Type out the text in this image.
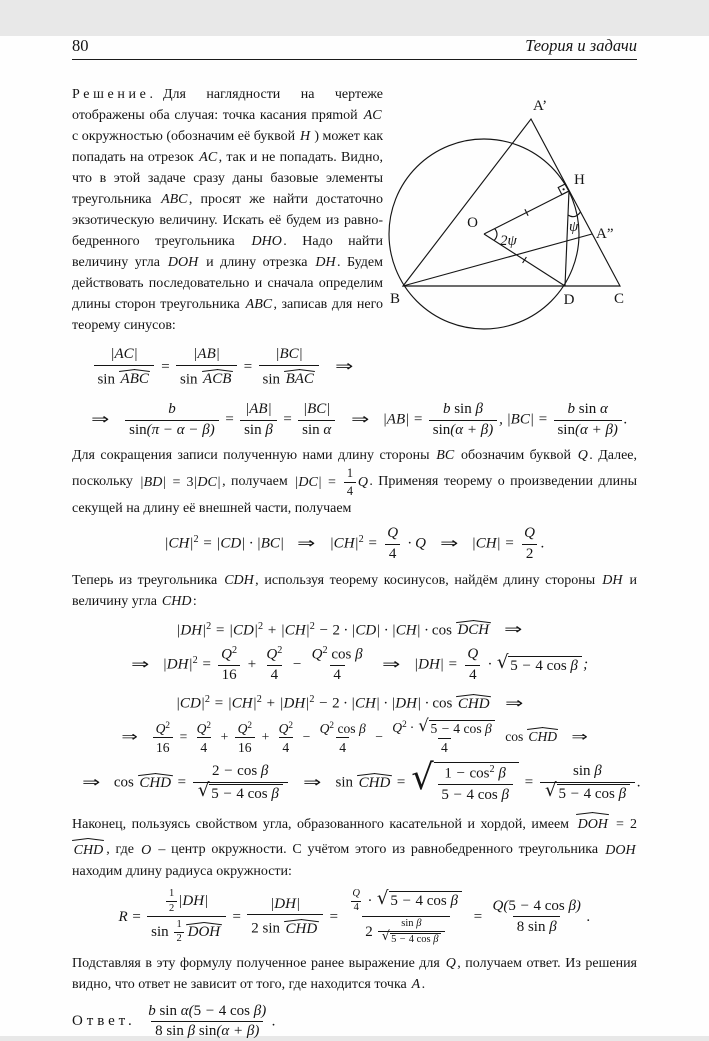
80	Теория и задачи
Решение. Для наглядности на чертеже отображены оба случая: точка касания пряmoй AC с окружностью (обозначим её буквой H ) может как попадать на отрезок AC, так и не попадать. Видно, что в этой задаче сразу даны базовые элементы треугольника ABC, просят же найти достаточно экзотическую величину. Искать её будем из равнобедренного треугольника DHO. Надо найти величину угла DOH и длину отрезка DH. Будем действовать последовательно и сначала определим длины сторон треугольника ABC, записав для него теорему синусов:
$\frac{|AC|}{\text{sin ABC}} = \frac{|AB|}{\text{sin ACB}} = \frac{|BC|}{\text{sin BAC}}$ ⇒
A’
H
O	ψ
2ψ	A”
B	D	C
⇒ $\frac{b}{\sin(\pi - \alpha - \beta)} = \frac{|AB|}{\text{sin β}} = \frac{|BC|}{\text{sin α}}$ ⇒ $|AB| = \frac{\text{b sin β}}{\sin(\alpha + \beta)}$ , $|BC| = \frac{\text{b sin α}}{\sin(\alpha + \beta)}$ .

Для сокращения записи полученную нами длину стороны BC обозначим буквой Q. Далее, поскольку |BD| = 3|DC|, получаем $|DC| = \frac{1}{4} Q$. Применяя теорему о произведении длины секущей на длину её внешней части, получаем

$|CH|^2 = |CD| \cdot |BC|$ ⇒ $|CH|^2 = \frac{Q}{4} \cdot Q$ ⇒ $|CH| = \frac{Q}{2}$ .

Теперь из треугольника CDH, используя теорему косинусов, найдём длину стороны DH и величину угла CHD:

$|DH|^2 = |CD|^2 + |CH|^2 - 2 \cdot |CD| \cdot |CH| \cdot \cos$ DCH ⇒
⇒ $|DH|^2 = \frac{Q^2}{16} + \frac{Q^2}{4} - \frac{Q^2 \cos \beta}{4}$ ⇒ $|DH| = \frac{Q}{4}$ · √ 5 − 4 cos β ;
$|CD|^2 = |CH|^2 + |DH|^2 - 2 \cdot |CH| \cdot |DH| \cdot \cos$ CHD ⇒
⇒ $\frac{Q^2}{16} = \frac{Q^2}{4} + \frac{Q^2}{16} + \frac{Q^2}{4} - \frac{Q^2 \cos \beta}{4} - \frac{Q^2 \cdot √ 5 - 4 \cos \beta}{4}$ cos CHD ⇒
⇒ cos CHD = $\frac{\text{2 − cos β}}{\text{√ 5 − 4 cos β}}$ ⇒ sin CHD = √ $\frac{1 - \cos^2 \beta}{\text{5 − 4 cos β}} = \frac{\text{sin β}}{\text{√ 5 − 4 cos β}}$ .

Наконец, пользуясь свойством угла, образованного касательной и хордой, имеем DOH = 2CHD , где O – центр окружности. С учётом этого из равнобедренного треугольника DOH находим длину радиуса окружности:

$R = \frac{\frac{1}{2} |DH|}{\sin \frac{1}{2} DOH} = \frac{|DH|}{\text{2 sin CHD}} = \frac{\frac{Q}{4} \cdot √ 5 - 4 \cos \beta}{2 \frac{\text{sin β}}{\text{√ 5 − 4 cos β}}} = \frac{\text{Q(5 − 4 cos β)}}{\text{8 sin β}}$ .

Подставляя в эту формулу полученное ранее выражение для Q, получаем ответ. Из решения видно, что ответ не зависит от того, где находится точка A.

Ответ. $\frac{\text{b sin α(5 − 4 cos β)}}{\text{8 sin β sin(α + β)}}$ .
